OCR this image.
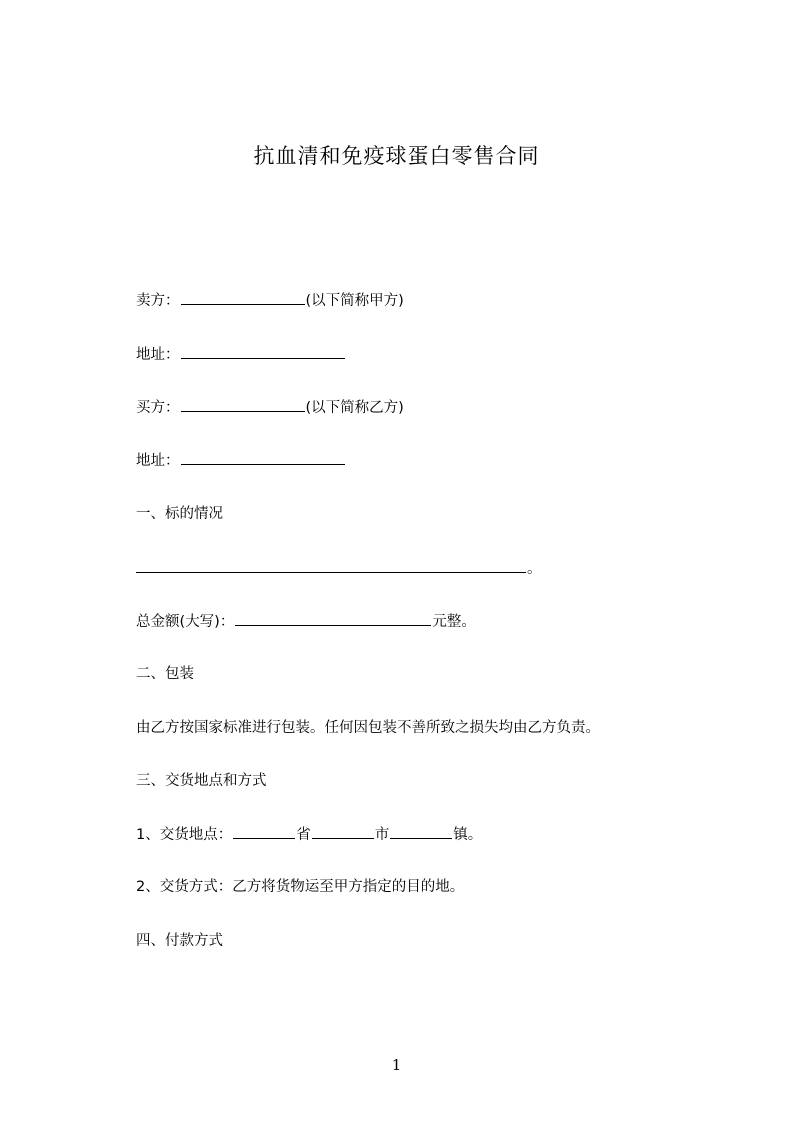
抗血清和免疫球蛋白零售合同
卖方：	(以下简称甲方)
地址：
买方：	(以下简称乙方)
地址：
一、标的情况
。
总金额(大写)：	元整。
二、包装
由乙方按国家标准进行包装。任何因包装不善所致之损失均由乙方负责。
三、交货地点和方式
1、交货地点：	省	市	镇。
2、交货方式：乙方将货物运至甲方指定的目的地。
四、付款方式
1
